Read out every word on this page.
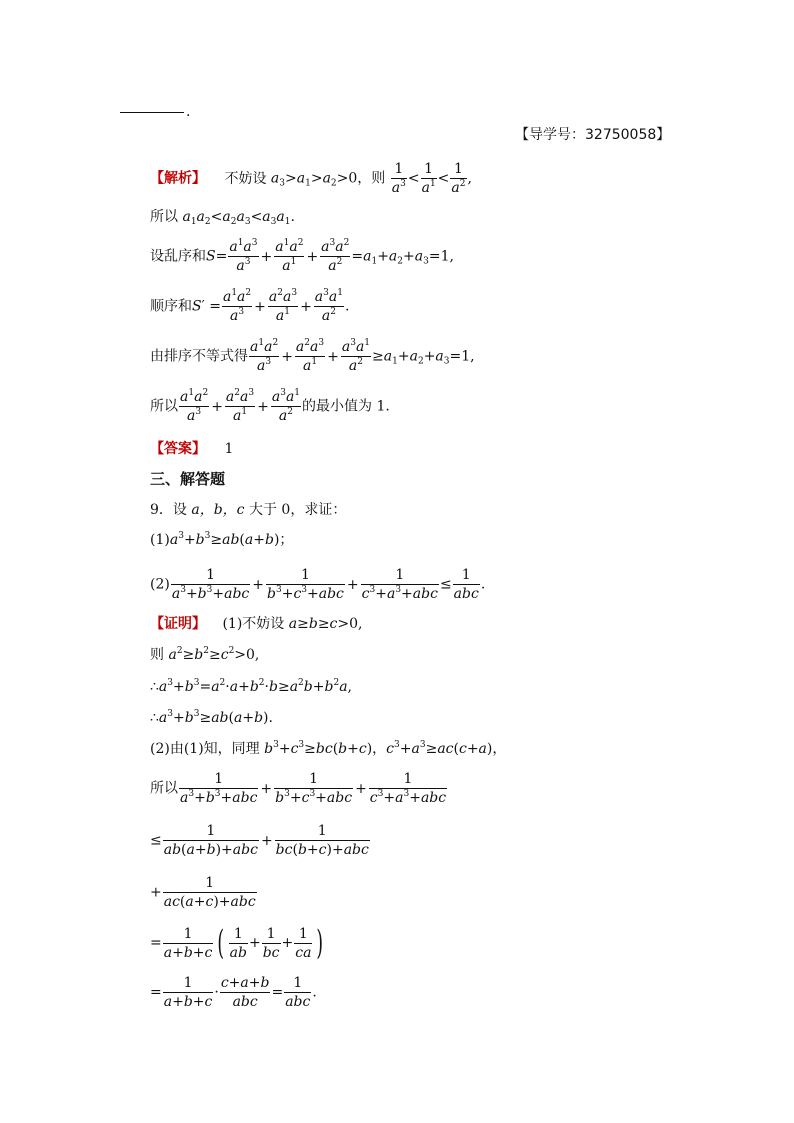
.
【导学号：32750058】
【解析】 不妨设 $a_3>a_1>a_2>0$，则 $\frac{1}{a^3} < \frac{1}{a^1} < \frac{1}{a^2}$ ,
所以 $a_1a_2<a_2a_3<a_3a_1$.
设乱序和$S= \frac{a^1a^3}{a^3} + \frac{a^1a^2}{a^1} + \frac{a^3a^2}{a^2} =a_1+a_2+a_3=1$,
顺序和$S' = \frac{a^1a^2}{a^3} + \frac{a^2a^3}{a^1} + \frac{a^3a^1}{a^2}$ .
由排序不等式得 $\frac{a^1a^2}{a^3} + \frac{a^2a^3}{a^1} + \frac{a^3a^1}{a^2} \ge a_1+a_2+a_3=1$,
所以 $\frac{a^1a^2}{a^3} + \frac{a^2a^3}{a^1} + \frac{a^3a^1}{a^2}$ 的最小值为 1.
【答案】 1
三、解答题
9．设 a，b，c 大于 0，求证：
$(1)a^3+b^3\ge ab(a+b)$；
(2)
1
$a^3+b^3+abc$
+
1
$b^3+c^3+abc$
+
1
$c^3+a^3+abc$
≤
1
abc
.
【证明】 (1)不妨设 a≥b≥c>0,
则 $a^2\ge b^2\ge c^2>0$,
$\therefore a^3+b^3=a^2\cdot a+b^2\cdot b\ge a^2b+b^2a$,
$\therefore a^3+b^3\ge ab(a+b)$.
(2)由(1)知，同理 $b^3+c^3\ge bc(b+c)$，$c^3+a^3\ge ac(c+a)$，
所以
1
$a^3+b^3+abc$
+
1
$b^3+c^3+abc$
+
1
$c^3+a^3+abc$
≤
1
ab(a+b)+abc
+
1
bc(b+c)+abc
+
1
ac(a+c)+abc
= $\frac{1}{a+b+c}$ ( $\frac{1}{ab} + \frac{1}{bc} + \frac{1}{ca}$ )
= $\frac{1}{a+b+c}$ ·
c+a+b
abc
=
1
abc
.
